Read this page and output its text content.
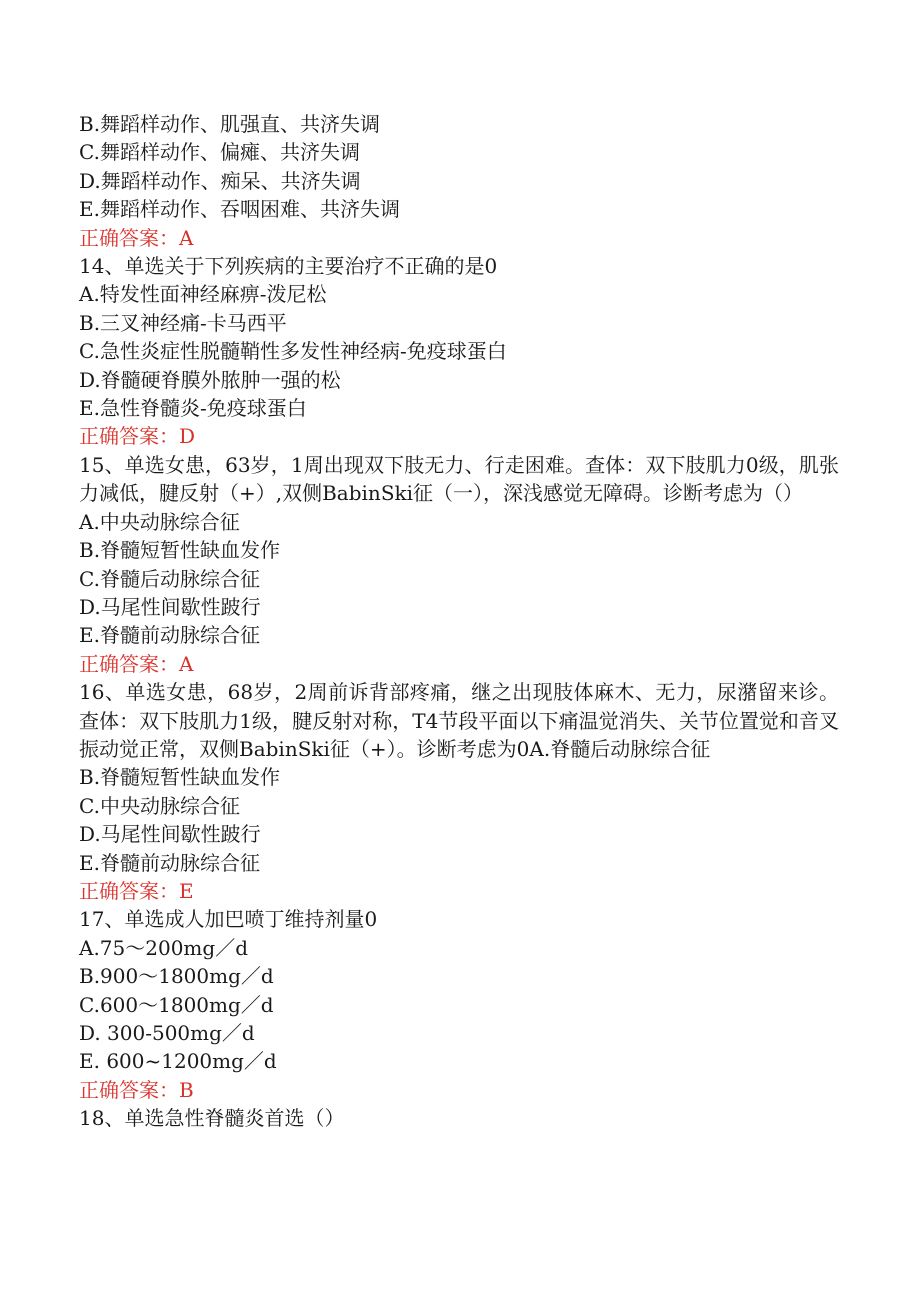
B.舞蹈样动作、肌强直、共济失调

C.舞蹈样动作、偏瘫、共济失调

D.舞蹈样动作、痴呆、共济失调

E.舞蹈样动作、吞咽困难、共济失调

正确答案：A

14、单选关于下列疾病的主要治疗不正确的是0

A.特发性面神经麻痹-泼尼松

B.三叉神经痛-卡马西平

C.急性炎症性脱髓鞘性多发性神经病-免疫球蛋白

D.脊髓硬脊膜外脓肿一强的松

E.急性脊髓炎-免疫球蛋白

正确答案：D

15、单选女患，63岁，1周出现双下肢无力、行走困难。查体：双下肢肌力0级，肌张力减低，腱反射（+）,双侧BabinSki征（一），深浅感觉无障碍。诊断考虑为（）

A.中央动脉综合征

B.脊髓短暂性缺血发作

C.脊髓后动脉综合征

D.马尾性间歇性跛行

E.脊髓前动脉综合征

正确答案：A

16、单选女患，68岁，2周前诉背部疼痛，继之出现肢体麻木、无力，尿潴留来诊。查体：双下肢肌力1级，腱反射对称，T4节段平面以下痛温觉消失、关节位置觉和音叉振动觉正常，双侧BabinSki征（+）。诊断考虑为0A.脊髓后动脉综合征

B.脊髓短暂性缺血发作

C.中央动脉综合征

D.马尾性间歇性跛行

E.脊髓前动脉综合征

正确答案：E

17、单选成人加巴喷丁维持剂量0

A.75～200mg／d

B.900～1800mg／d

C.600～1800mg／d

D. 300-500mg／d

E. 600~1200mg／d

正确答案：B

18、单选急性脊髓炎首选（）
